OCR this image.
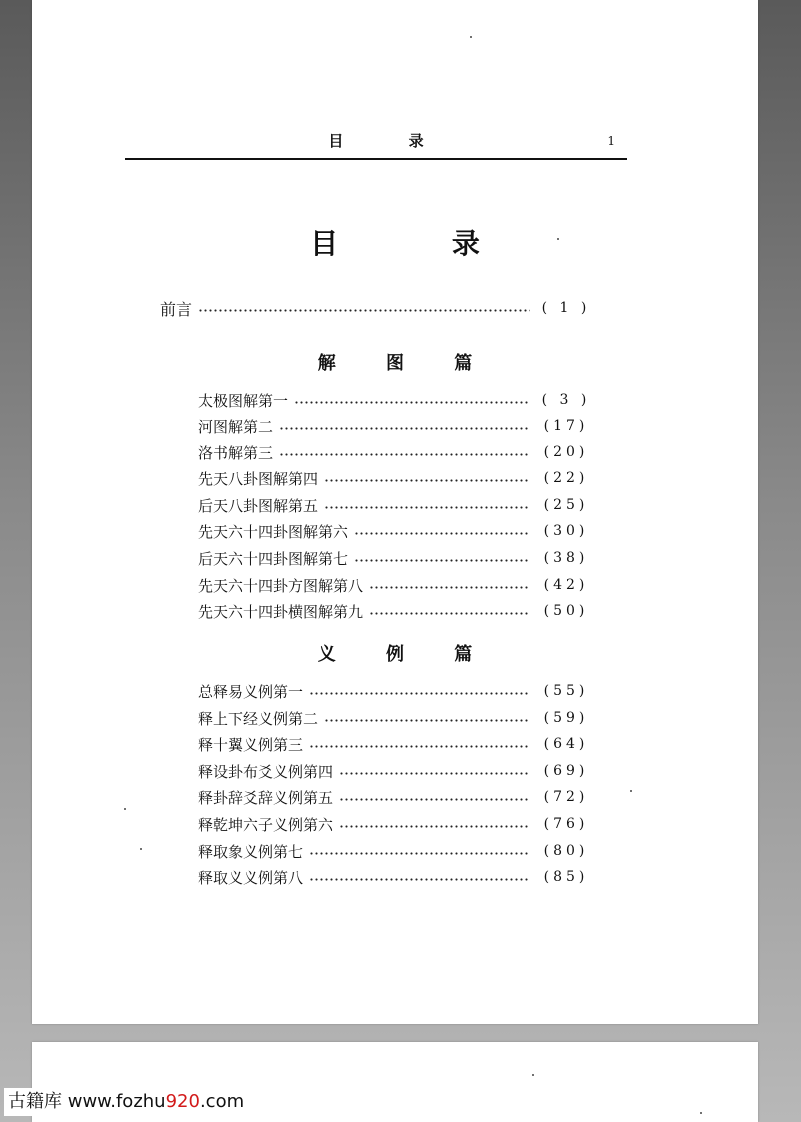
目 录	1
目 录
前言	( 1 )
解 图 篇
太极图解第一	( 3 )
河图解第二	(17)
洛书解第三	(20)
先天八卦图解第四	(22)
后天八卦图解第五	(25)
先天六十四卦图解第六	(30)
后天六十四卦图解第七	(38)
先天六十四卦方图解第八	(42)
先天六十四卦横图解第九	(50)
义 例 篇
总释易义例第一	(55)
释上下经义例第二	(59)
释十翼义例第三	(64)
释设卦布爻义例第四	(69)
释卦辞爻辞义例第五	(72)
释乾坤六子义例第六	(76)
释取象义例第七	(80)
释取义义例第八	(85)
古籍库 www.fozhu920.com
